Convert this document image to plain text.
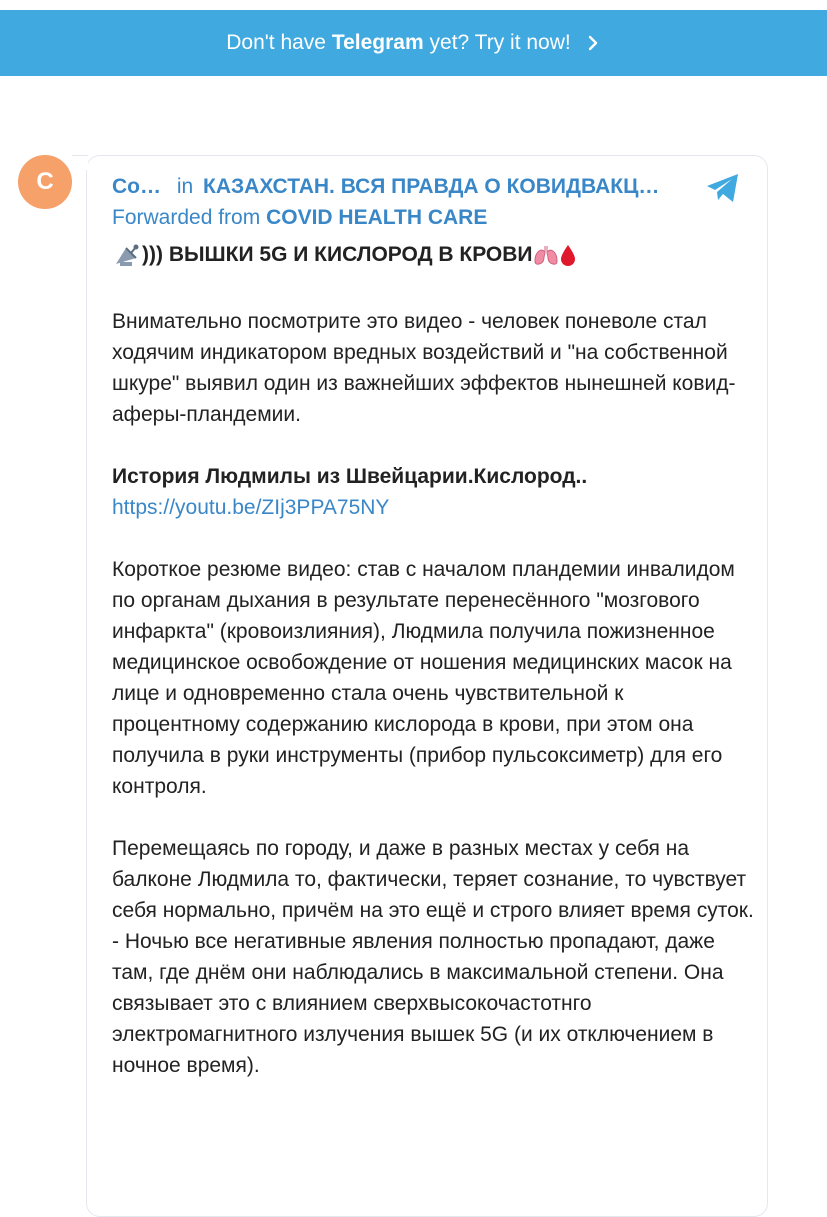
Don't have
Telegram
yet? Try it now!
C	Co… in КАЗАХСТАН. ВСЯ ПРАВДА О КОВИДВАКЦ…
Forwarded from COVID HEALTH CARE
)))
ВЫШКИ 5G И КИСЛОРОД В КРОВИ

Внимательно посмотрите это видео - человек поневоле стал ходячим индикатором вредных воздействий и "на собственной шкуре" выявил один из важнейших эффектов нынешней ковид-аферы-пландемии.

История Людмилы из Швейцарии.Кислород..
https://youtu.be/ZIj3PPA75NY

Короткое резюме видео: став с началом пландемии инвалидом по органам дыхания в результате перенесённого "мозгового инфаркта" (кровоизлияния), Людмила получила пожизненное медицинское освобождение от ношения медицинских масок на лице и одновременно стала очень чувствительной к процентному содержанию кислорода в крови, при этом она получила в руки инструменты (прибор пульсоксиметр) для его контроля.

Перемещаясь по городу, и даже в разных местах у себя на балконе Людмила то, фактически, теряет сознание, то чувствует себя нормально, причём на это ещё и строго влияет время суток. - Ночью все негативные явления полностью пропадают, даже там, где днём они наблюдались в максимальной степени. Она связывает это с влиянием сверхвысокочастотнго электромагнитного излучения вышек 5G (и их отключением в ночное время).
